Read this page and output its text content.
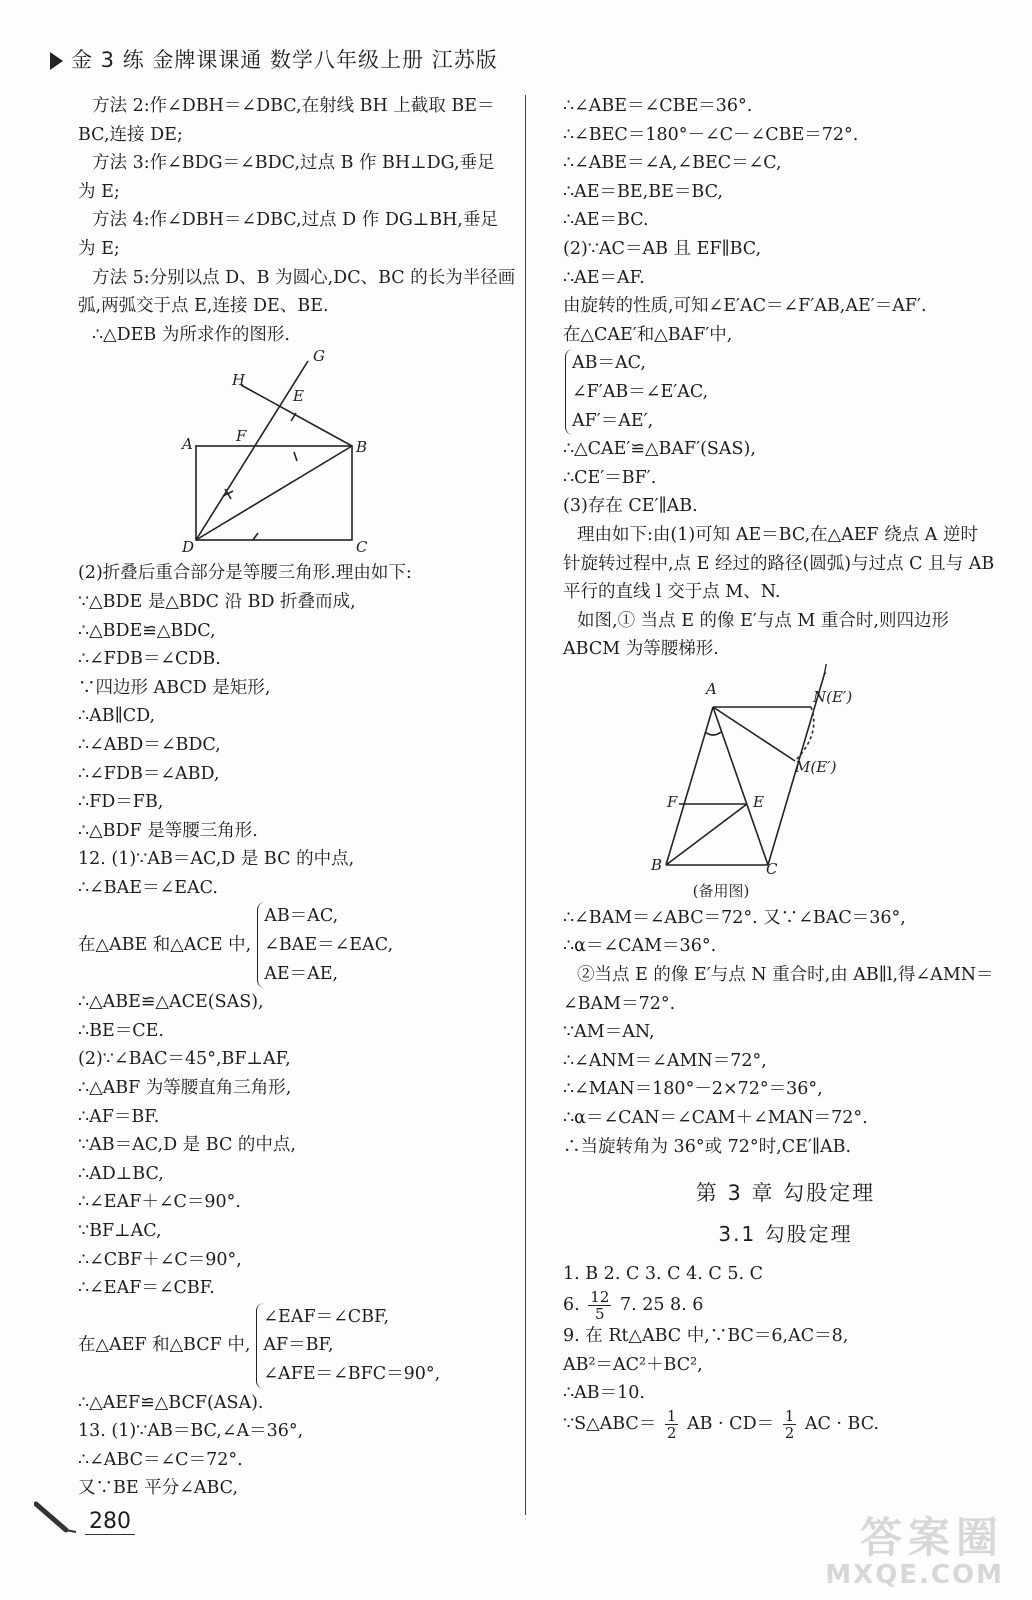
金 3 练 金牌课课通 数学八年级上册 江苏版
方法 2:作∠DBH＝∠DBC,在射线 BH 上截取 BE＝
BC,连接 DE;
方法 3:作∠BDG＝∠BDC,过点 B 作 BH⊥DG,垂足
为 E;
方法 4:作∠DBH＝∠DBC,过点 D 作 DG⊥BH,垂足
为 E;
方法 5:分别以点 D、B 为圆心,DC、BC 的长为半径画
弧,两弧交于点 E,连接 DE、BE.
∴△DEB 为所求作的图形.
G
H
E
A	F
B
D	C
(2)折叠后重合部分是等腰三角形.理由如下:
∵△BDE 是△BDC 沿 BD 折叠而成,
∴△BDE≌△BDC,
∴∠FDB＝∠CDB.
∵四边形 ABCD 是矩形,
∴AB∥CD,
∴∠ABD＝∠BDC,
∴∠FDB＝∠ABD,
∴FD＝FB,
∴△BDF 是等腰三角形.
12. (1)∵AB＝AC,D 是 BC 的中点,
∴∠BAE＝∠EAC.
在△ABE 和△ACE 中,
AB＝AC,
∠BAE＝∠EAC,
AE＝AE,
∴△ABE≌△ACE(SAS),
∴BE＝CE.
(2)∵∠BAC＝45°,BF⊥AF,
∴△ABF 为等腰直角三角形,
∴AF＝BF.
∵AB＝AC,D 是 BC 的中点,
∴AD⊥BC,
∴∠EAF＋∠C＝90°.
∵BF⊥AC,
∴∠CBF＋∠C＝90°,
∴∠EAF＝∠CBF.
在△AEF 和△BCF 中,
∠EAF＝∠CBF,
AF＝BF,
∠AFE＝∠BFC＝90°,
∴△AEF≌△BCF(ASA).
13. (1)∵AB＝BC,∠A＝36°,
∴∠ABC＝∠C＝72°.
又∵BE 平分∠ABC,
∴∠ABE＝∠CBE＝36°.
∴∠BEC＝180°－∠C－∠CBE＝72°.
∴∠ABE＝∠A,∠BEC＝∠C,
∴AE＝BE,BE＝BC,
∴AE＝BC.
(2)∵AC＝AB 且 EF∥BC,
∴AE＝AF.
由旋转的性质,可知∠E′AC＝∠F′AB,AE′＝AF′.
在△CAE′和△BAF′中,
AB＝AC,
∠F′AB＝∠E′AC,
AF′＝AE′,
∴△CAE′≌△BAF′(SAS),
∴CE′＝BF′.
(3)存在 CE′∥AB.
理由如下:由(1)可知 AE＝BC,在△AEF 绕点 A 逆时
针旋转过程中,点 E 经过的路径(圆弧)与过点 C 且与 AB
平行的直线 l 交于点 M、N.
如图,① 当点 E 的像 E′与点 M 重合时,则四边形
ABCM 为等腰梯形.
l
A	N(E′)
M(E′)
F	E
B	C
(备用图)
∴∠BAM＝∠ABC＝72°. 又∵∠BAC＝36°,
∴α＝∠CAM＝36°.
②当点 E 的像 E′与点 N 重合时,由 AB∥l,得∠AMN＝
∠BAM＝72°.
∵AM＝AN,
∴∠ANM＝∠AMN＝72°,
∴∠MAN＝180°－2×72°＝36°,
∴α＝∠CAN＝∠CAM＋∠MAN＝72°.
∴当旋转角为 36°或 72°时,CE′∥AB.
第 3 章 勾股定理
3.1 勾股定理
1. B 2. C 3. C 4. C 5. C
6. $\frac{12}{5} 7$. 25 8. 6
9. 在 Rt△ABC 中,∵BC＝6,AC＝8,
AB²＝AC²＋BC²,
∴AB＝10.
∵S△ABC＝ $\frac{1}{2}$ AB · $CD= \frac{1}{2}$ AC · BC.
280	答案圈
MXQE.COM
